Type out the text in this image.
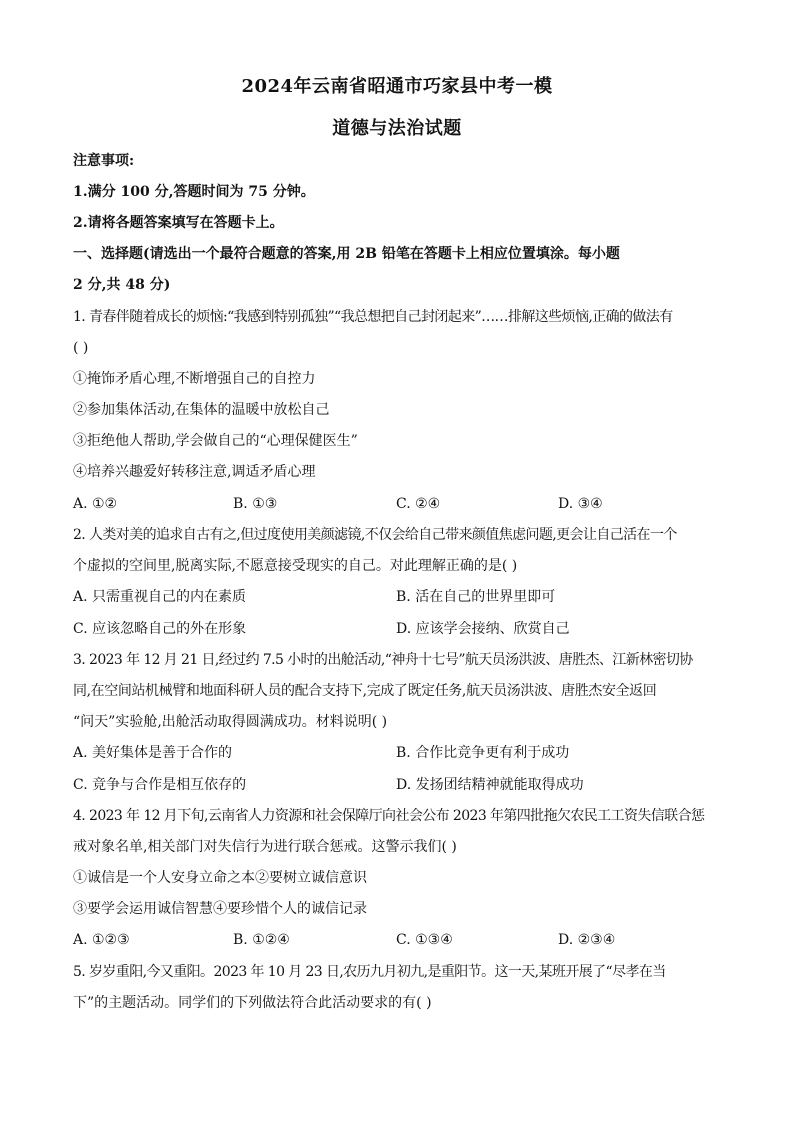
2024年云南省昭通市巧家县中考一模
道德与法治试题
注意事项:
1.满分 100 分,答题时间为 75 分钟。
2.请将各题答案填写在答题卡上。
一、选择题(请选出一个最符合题意的答案,用 2B 铅笔在答题卡上相应位置填涂。每小题
2 分,共 48 分)
1. 青春伴随着成长的烦恼:“我感到特别孤独”“我总想把自己封闭起来”……排解这些烦恼,正确的做法有
( )
①掩饰矛盾心理,不断增强自己的自控力
②参加集体活动,在集体的温暖中放松自己
③拒绝他人帮助,学会做自己的“心理保健医生”
④培养兴趣爱好转移注意,调适矛盾心理
A. ①②	B. ①③	C. ②④	D. ③④
2. 人类对美的追求自古有之,但过度使用美颜滤镜,不仅会给自己带来颜值焦虑问题,更会让自己活在一个
个虚拟的空间里,脱离实际,不愿意接受现实的自己。对此理解正确的是( )
A. 只需重视自己的内在素质	B. 活在自己的世界里即可
C. 应该忽略自己的外在形象	D. 应该学会接纳、欣赏自己
3. 2023 年 12 月 21 日,经过约 7.5 小时的出舱活动,“神舟十七号”航天员汤洪波、唐胜杰、江新林密切协
同,在空间站机械臂和地面科研人员的配合支持下,完成了既定任务,航天员汤洪波、唐胜杰安全返回
“问天”实验舱,出舱活动取得圆满成功。材料说明( )
A. 美好集体是善于合作的	B. 合作比竞争更有利于成功
C. 竞争与合作是相互依存的	D. 发扬团结精神就能取得成功
4. 2023 年 12 月下旬,云南省人力资源和社会保障厅向社会公布 2023 年第四批拖欠农民工工资失信联合惩
戒对象名单,相关部门对失信行为进行联合惩戒。这警示我们( )
①诚信是一个人安身立命之本②要树立诚信意识
③要学会运用诚信智慧④要珍惜个人的诚信记录
A. ①②③	B. ①②④	C. ①③④	D. ②③④
5. 岁岁重阳,今又重阳。2023 年 10 月 23 日,农历九月初九,是重阳节。这一天,某班开展了“尽孝在当
下”的主题活动。同学们的下列做法符合此活动要求的有( )
